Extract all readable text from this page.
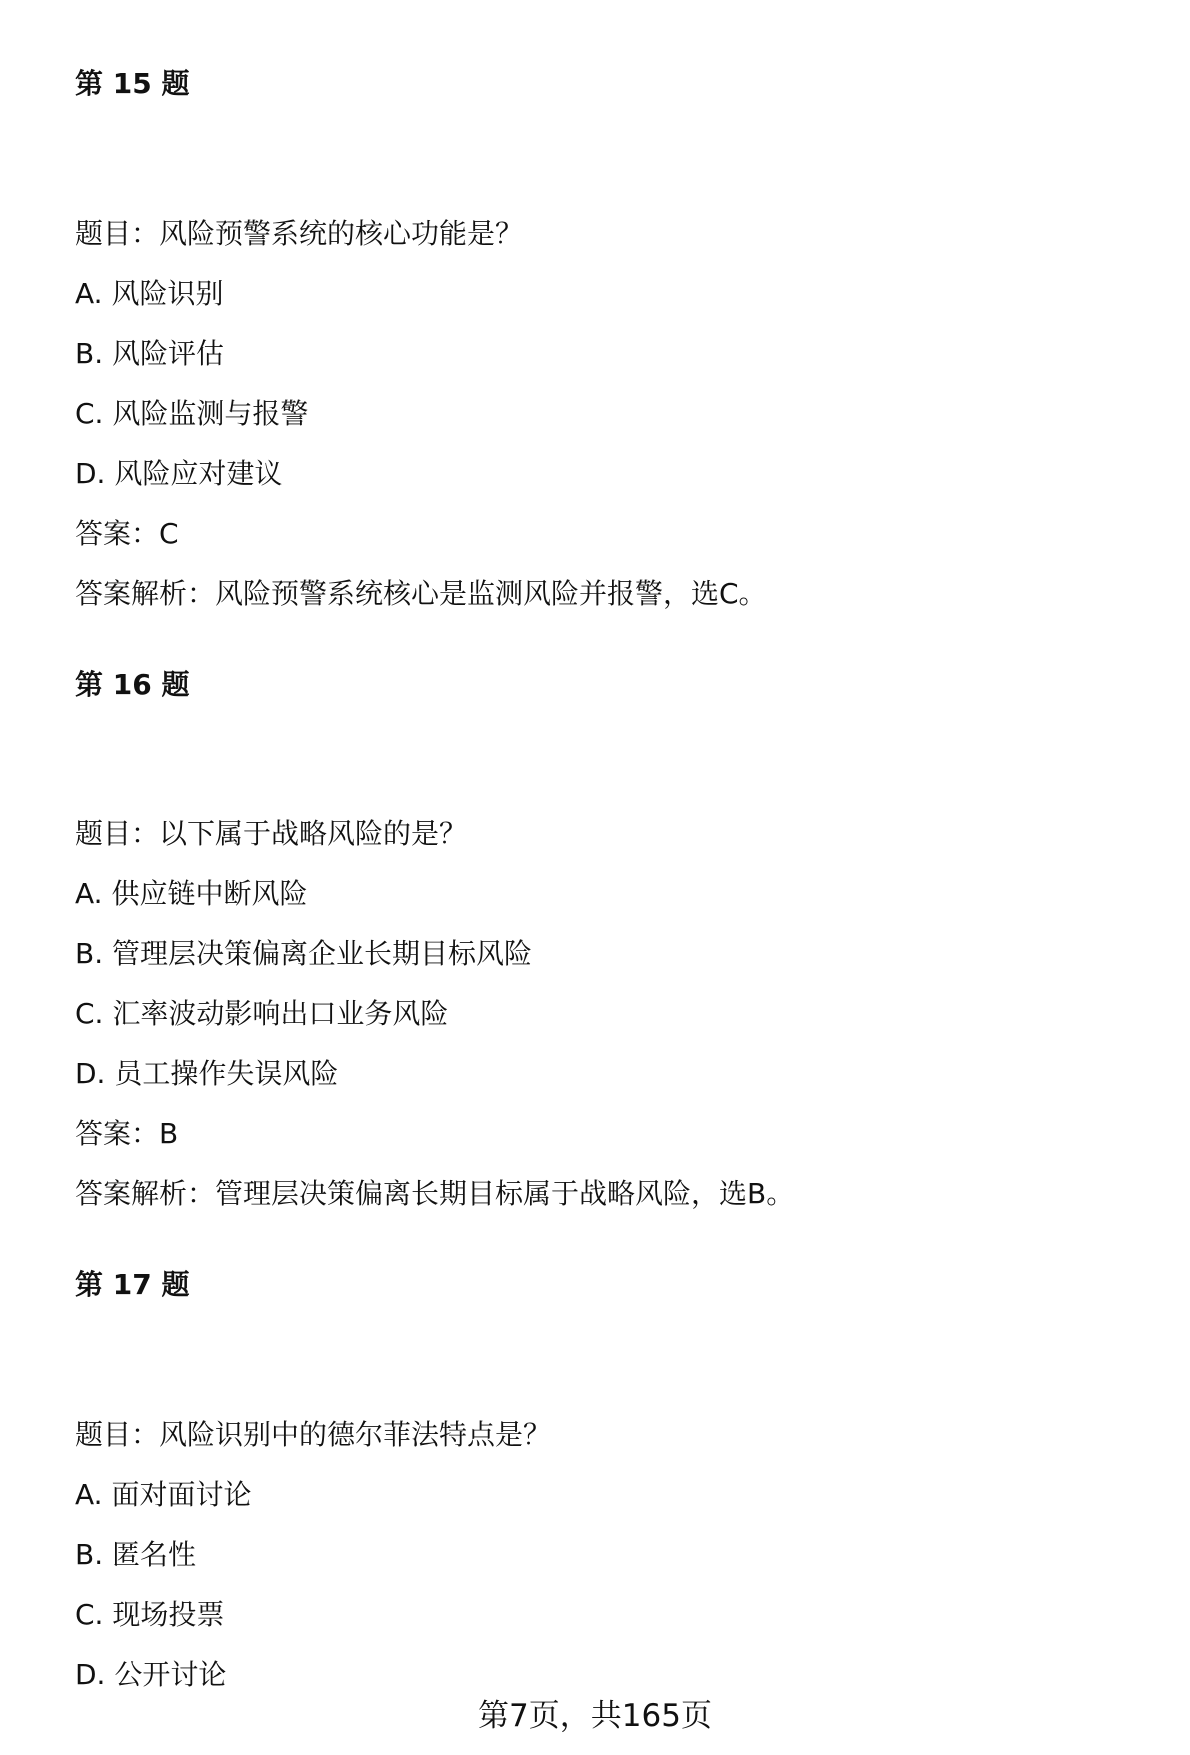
第 15 题
题目：风险预警系统的核心功能是？
A. 风险识别
B. 风险评估
C. 风险监测与报警
D. 风险应对建议
答案：C
答案解析：风险预警系统核心是监测风险并报警，选C。
第 16 题
题目：以下属于战略风险的是？
A. 供应链中断风险
B. 管理层决策偏离企业长期目标风险
C. 汇率波动影响出口业务风险
D. 员工操作失误风险
答案：B
答案解析：管理层决策偏离长期目标属于战略风险，选B。
第 17 题
题目：风险识别中的德尔菲法特点是？
A. 面对面讨论
B. 匿名性
C. 现场投票
D. 公开讨论
第7页，共165页
